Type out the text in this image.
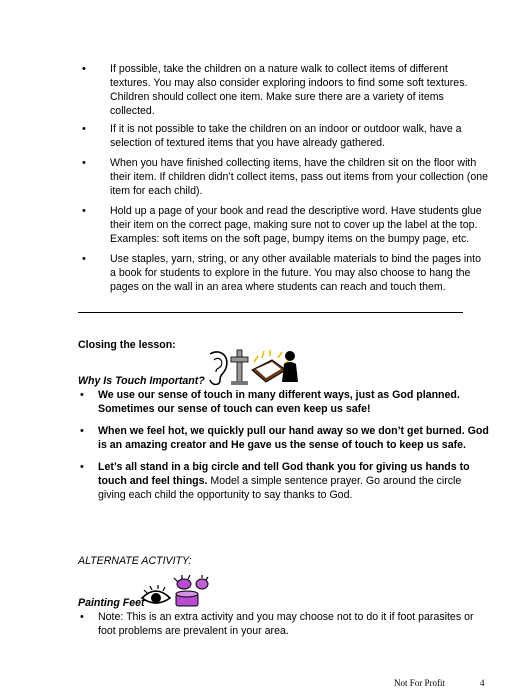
• If possible, take the children on a nature walk to collect items of different textures. You may also consider exploring indoors to find some soft textures. Children should collect one item. Make sure there are a variety of items collected.
• If it is not possible to take the children on an indoor or outdoor walk, have a selection of textured items that you have already gathered.
• When you have finished collecting items, have the children sit on the floor with their item. If children didn’t collect items, pass out items from your collection (one item for each child).
• Hold up a page of your book and read the descriptive word. Have students glue their item on the correct page, making sure not to cover up the label at the top. Examples: soft items on the soft page, bumpy items on the bumpy page, etc.
• Use staples, yarn, string, or any other available materials to bind the pages into a book for students to explore in the future. You may also choose to hang the pages on the wall in an area where students can reach and touch them.
Closing the lesson:
Why Is Touch Important?
• We use our sense of touch in many different ways, just as God planned. Sometimes our sense of touch can even keep us safe!
• When we feel hot, we quickly pull our hand away so we don’t get burned. God is an amazing creator and He gave us the sense of touch to keep us safe.
• Let’s all stand in a big circle and tell God thank you for giving us hands to touch and feel things. Model a simple sentence prayer. Go around the circle giving each child the opportunity to say thanks to God.
ALTERNATE ACTIVITY:
Painting Feet
• Note: This is an extra activity and you may choose not to do it if foot parasites or foot problems are prevalent in your area.
Not For Profit	4
